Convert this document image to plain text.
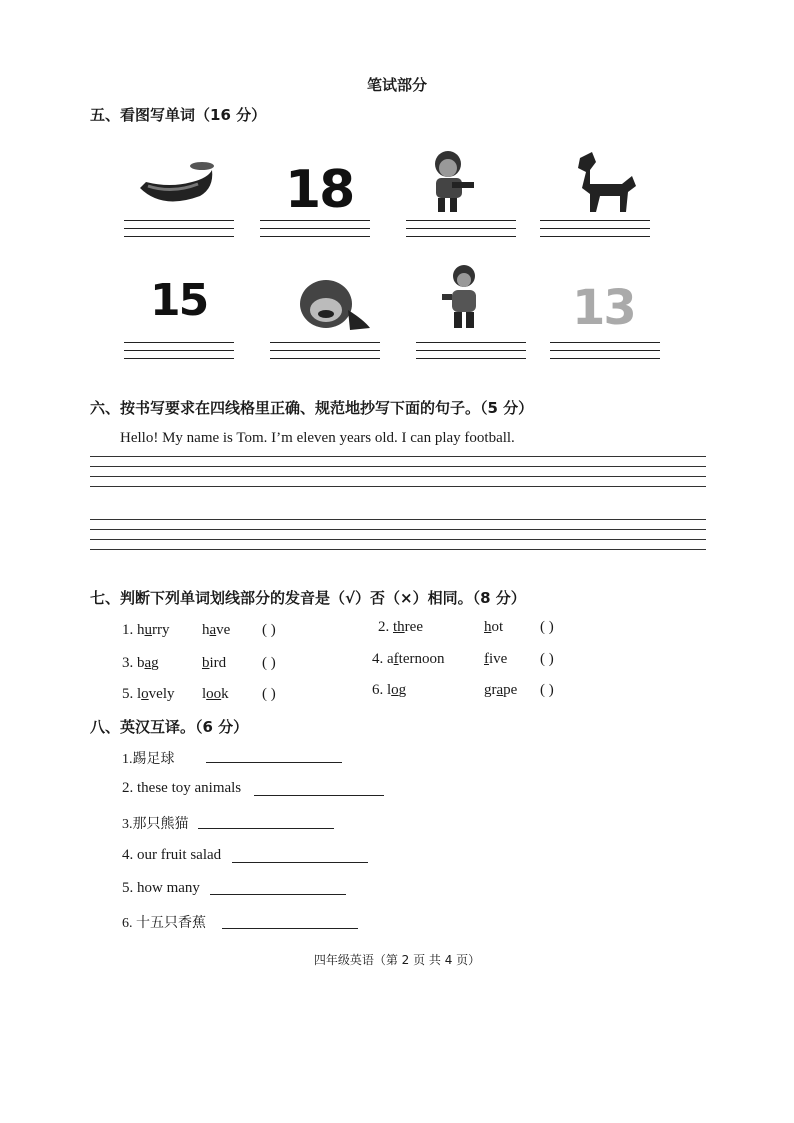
笔试部分
五、看图写单词（16 分）
18
15	13
六、按书写要求在四线格里正确、规范地抄写下面的句子。（5 分）
Hello! My name is Tom. I’m eleven years old. I can play football.
七、判断下列单词划线部分的发音是（√）否（×）相同。（8 分）
1. hurry have ( )	2. three	hot ( )
3. bag	bird ( )	4. afternoon	five ( )
5. lovely look ( )	6. log	grape ( )
八、英汉互译。（6 分）
1.踢足球
2. these toy animals
3.那只熊猫
4. our fruit salad
5. how many
6. 十五只香蕉
四年级英语（第 2 页 共 4 页）
